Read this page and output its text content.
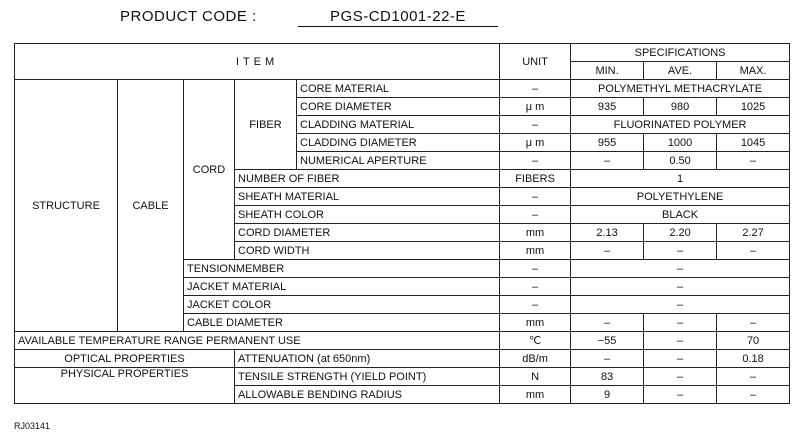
PRODUCT CODE :	PGS-CD1001-22-E
ITEM					UNIT	SPECIFICATIONS		
						MIN.	AVE.	MAX.
STRUCTURE	CABLE	CORD	FIBER	CORE MATERIAL	–	POLYMETHYL METHACRYLATE		
				CORE DIAMETER	μ m	935	980	1025
				CLADDING MATERIAL	–	FLUORINATED POLYMER		
				CLADDING DIAMETER	μ m	955	1000	1045
				NUMERICAL APERTURE	–	–	0.50	–
			NUMBER OF FIBER		FIBERS	1		
			SHEATH MATERIAL		–	POLYETHYLENE		
			SHEATH COLOR		–	BLACK		
			CORD DIAMETER		mm	2.13	2.20	2.27
			CORD WIDTH		mm	–	–	–
		TENSIONMEMBER			–	–		
		JACKET MATERIAL			–	–		
		JACKET COLOR			–	–		
		CABLE DIAMETER			mm	–	–	–
AVAILABLE TEMPERATURE RANGE PERMANENT USE					℃	−55	–	70
OPTICAL PROPERTIES			ATTENUATION (at 650nm)		dB/m	–	–	0.18
PHYSICAL PROPERTIES			TENSILE STRENGTH (YIELD POINT)		N	83	–	–
			ALLOWABLE BENDING RADIUS		mm	9	–	–
RJ03141
